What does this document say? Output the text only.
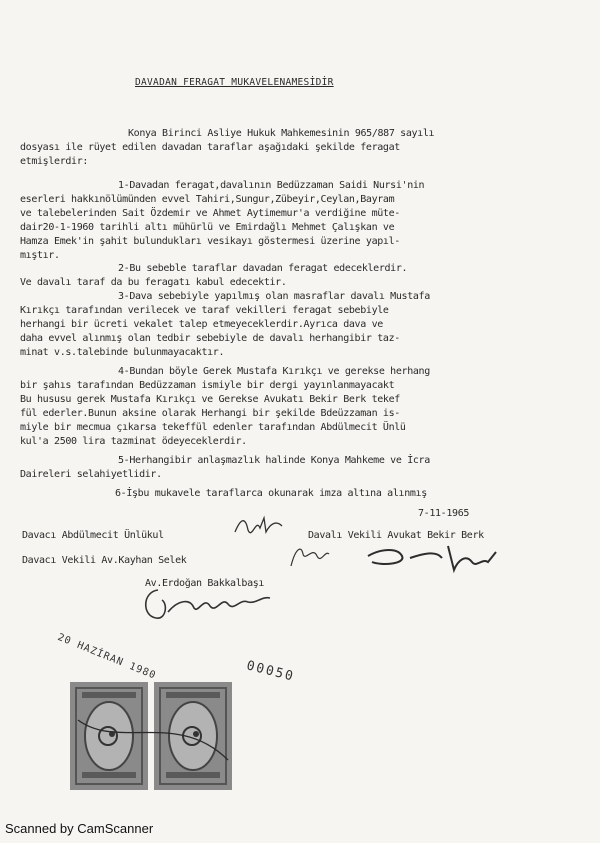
DAVADAN FERAGAT MUKAVELENAMESİDİR
Konya Birinci Asliye Hukuk Mahkemesinin 965/887 sayılı
dosyası ile rüyet edilen davadan taraflar aşağıdaki şekilde feragat
etmişlerdir:
1-Davadan feragat,davalının Bedüzzaman Saidi Nursi'nin
eserleri hakkınölümünden evvel Tahiri,Sungur,Zübeyir,Ceylan,Bayram
ve talebelerinden Sait Özdemir ve Ahmet Aytimemur'a verdiğine müte-
dair20-1-1960 tarihli altı mühürlü ve Emirdağlı Mehmet Çalışkan ve
Hamza Emek'in şahit bulundukları vesikayı göstermesi üzerine yapıl-
mıştır.
2-Bu sebeble taraflar davadan feragat edeceklerdir.
Ve davalı taraf da bu feragatı kabul edecektir.
3-Dava sebebiyle yapılmış olan masraflar davalı Mustafa
Kırıkçı tarafından verilecek ve taraf vekilleri feragat sebebiyle
herhangi bir ücreti vekalet talep etmeyeceklerdir.Ayrıca dava ve
daha evvel alınmış olan tedbir sebebiyle de davalı herhangibir taz-
minat v.s.talebinde bulunmayacaktır.
4-Bundan böyle Gerek Mustafa Kırıkçı ve gerekse herhang
bir şahıs tarafından Bedüzzaman ismiyle bir dergi yayınlanmayacakt
Bu hususu gerek Mustafa Kırıkçı ve Gerekse Avukatı Bekir Berk tekef
fül ederler.Bunun aksine olarak Herhangi bir şekilde Bdeüzzaman is-
miyle bir mecmua çıkarsa tekeffül edenler tarafından Abdülmecit Ünlü
kul'a 2500 lira tazminat ödeyeceklerdir.
5-Herhangibir anlaşmazlık halinde Konya Mahkeme ve İcra
Daireleri selahiyetlidir.
6-İşbu mukavele taraflarca okunarak imza altına alınmış
7-11-1965
Davacı Abdülmecit Ünlükul	Davalı Vekili Avukat Bekir Berk
Davacı Vekili Av.Kayhan Selek
Av.Erdoğan Bakkalbaşı
20 HAZİRAN 1980	00050
Scanned by CamScanner
